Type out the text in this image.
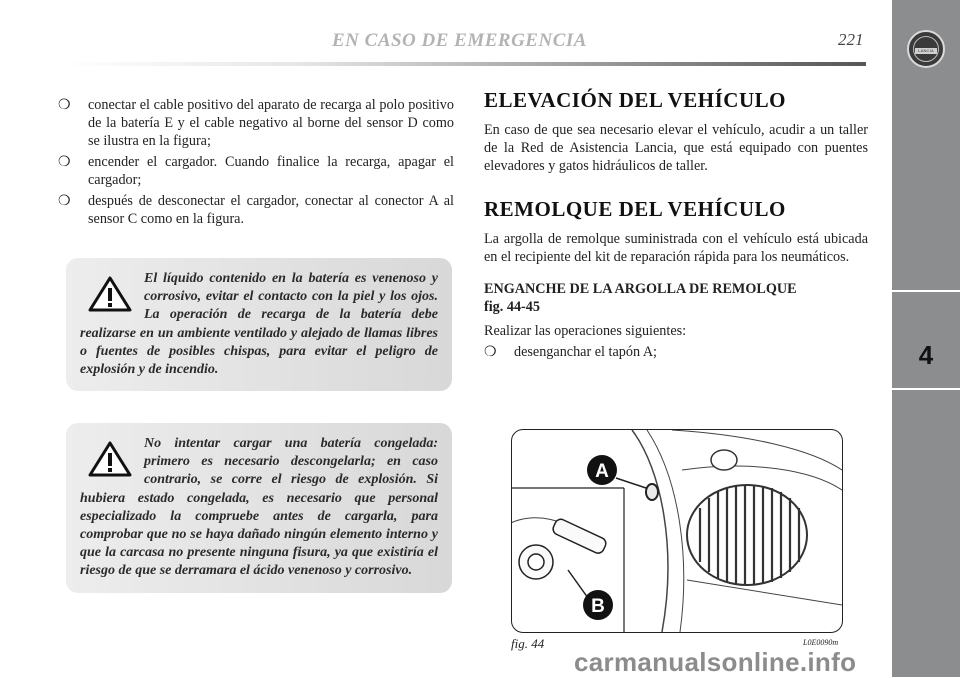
LANCIA
4
EN CASO DE EMERGENCIA	221
❍ conectar el cable positivo del aparato de recarga al polo positivo de la batería E y el cable negativo al borne del sensor D como se ilustra en la figura;
❍ encender el cargador. Cuando finalice la recarga, apagar el cargador;
❍ después de desconectar el cargador, conectar al conector A al sensor C como en la figura.
El líquido contenido en la batería es venenoso y corrosivo, evitar el contacto con la piel y los ojos. La operación de recarga de la batería debe realizarse en un ambiente ventilado y alejado de llamas libres o fuentes de posibles chispas, para evitar el peligro de explosión y de incendio.
No intentar cargar una batería congelada: primero es necesario descongelarla; en caso contrario, se corre el riesgo de explosión. Si hubiera estado congelada, es necesario que personal especializado la compruebe antes de cargarla, para comprobar que no se haya dañado ningún elemento interno y que la carcasa no presente ninguna fisura, ya que existiría el riesgo de que se derramara el ácido venenoso y corrosivo.
ELEVACIÓN DEL VEHÍCULO

En caso de que sea necesario elevar el vehículo, acudir a un taller de la Red de Asistencia Lancia, que está equipado con puentes elevadores y gatos hidráulicos de taller.

REMOLQUE DEL VEHÍCULO

La argolla de remolque suministrada con el vehículo está ubicada en el recipiente del kit de reparación rápida para los neumáticos.

ENGANCHE DE LA ARGOLLA DE REMOLQUE
fig. 44-45

Realizar las operaciones siguientes:

❍ desenganchar el tapón A;
A
B
fig. 44	L0E0090m
carmanualsonline.info
